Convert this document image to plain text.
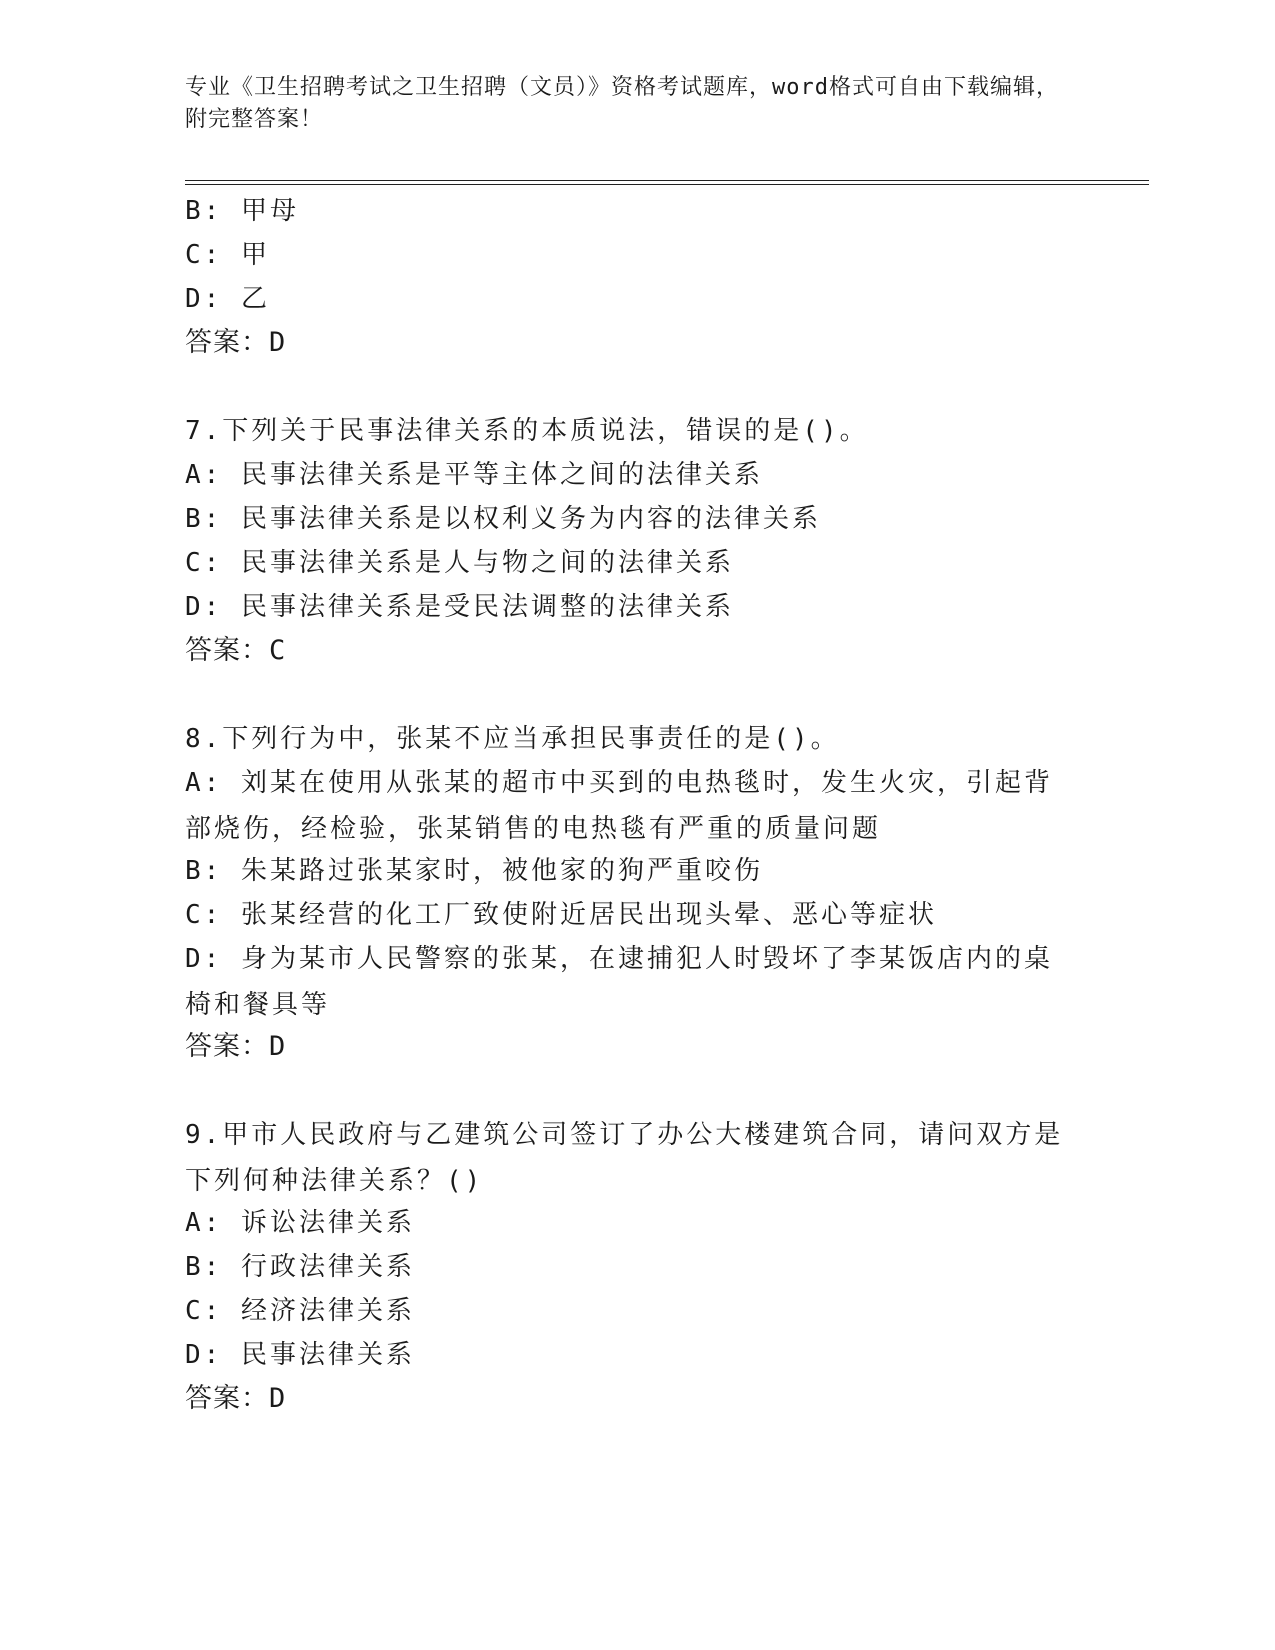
专业《卫生招聘考试之卫生招聘（文员）》资格考试题库，word格式可自由下载编辑，附完整答案！
B: 甲母
C: 甲
D: 乙
答案：D
7.下列关于民事法律关系的本质说法，错误的是()。
A: 民事法律关系是平等主体之间的法律关系
B: 民事法律关系是以权利义务为内容的法律关系
C: 民事法律关系是人与物之间的法律关系
D: 民事法律关系是受民法调整的法律关系
答案：C
8.下列行为中，张某不应当承担民事责任的是()。
A: 刘某在使用从张某的超市中买到的电热毯时，发生火灾，引起背部烧伤，经检验，张某销售的电热毯有严重的质量问题
B: 朱某路过张某家时，被他家的狗严重咬伤
C: 张某经营的化工厂致使附近居民出现头晕、恶心等症状
D: 身为某市人民警察的张某，在逮捕犯人时毁坏了李某饭店内的桌椅和餐具等
答案：D
9.甲市人民政府与乙建筑公司签订了办公大楼建筑合同，请问双方是下列何种法律关系？()
A: 诉讼法律关系
B: 行政法律关系
C: 经济法律关系
D: 民事法律关系
答案：D
